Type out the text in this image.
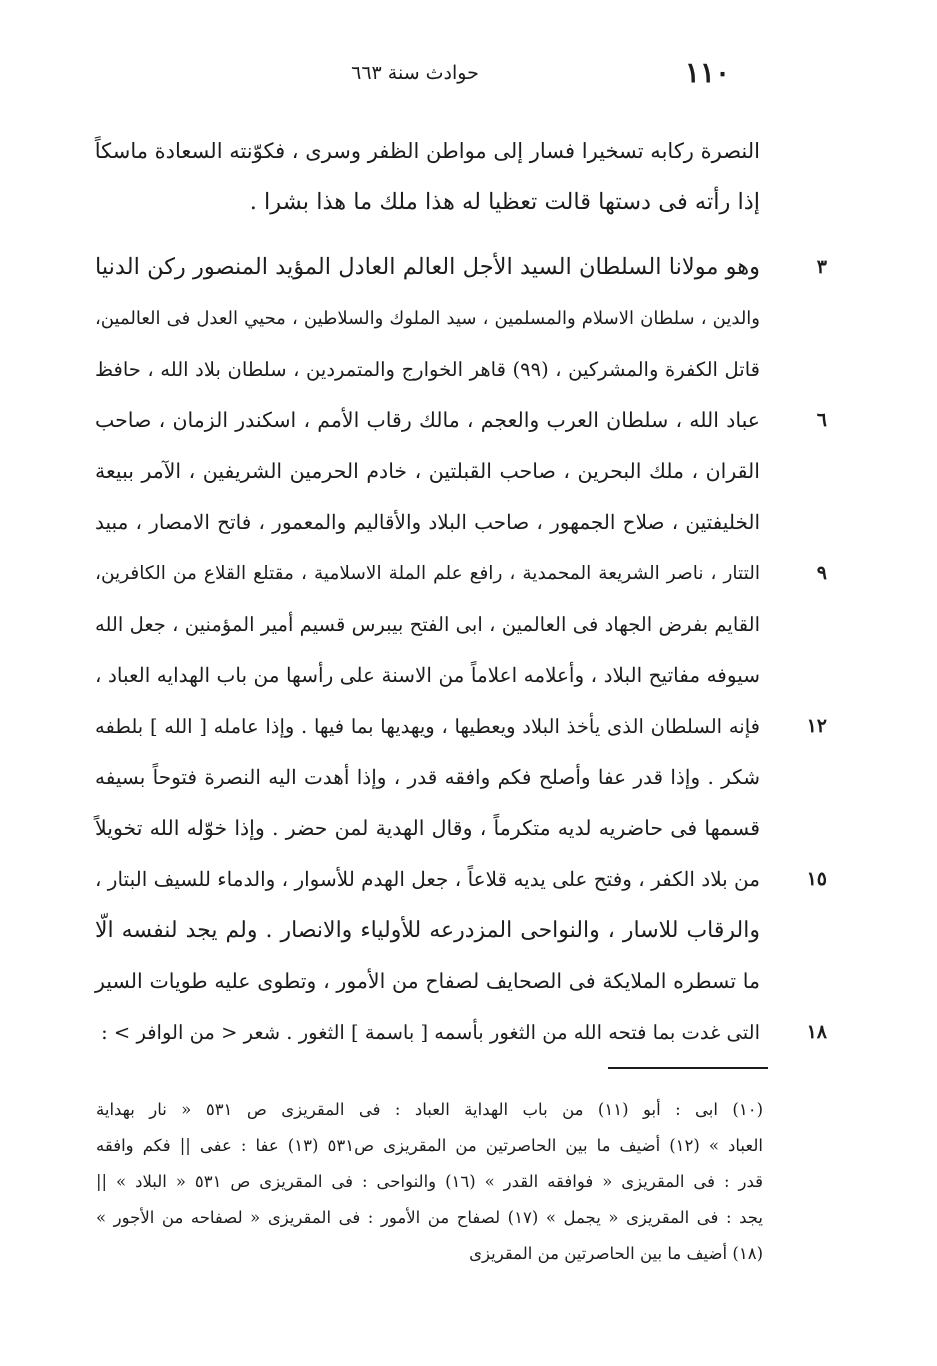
حوادث سنة ٦٦٣	١١٠
النصرة ركابه تسخيرا فسار إلى مواطن الظفر وسرى ، فكوّنته السعادة ماسكاً
إذا رأته فى دستها قالت تعظيا له هذا ملك ما هذا بشرا .
٣
وهو مولانا السلطان السيد الأجل العالم العادل المؤيد المنصور ركن الدنيا
والدين ، سلطان الاسلام والمسلمين ، سيد الملوك والسلاطين ، محيي العدل فى العالمين،
قاتل الكفرة والمشركين ، (٩٩) قاهر الخوارج والمتمردين ، سلطان بلاد الله ، حافظ
٦
عباد الله ، سلطان العرب والعجم ، مالك رقاب الأمم ، اسكندر الزمان ، صاحب
القران ، ملك البحرين ، صاحب القبلتين ، خادم الحرمين الشريفين ، الآمر ببيعة
الخليفتين ، صلاح الجمهور ، صاحب البلاد والأقاليم والمعمور ، فاتح الامصار ، مبيد
٩
التتار ، ناصر الشريعة المحمدية ، رافع علم الملة الاسلامية ، مقتلع القلاع من الكافرين،
القايم بفرض الجهاد فى العالمين ، ابى الفتح بيبرس قسيم أمير المؤمنين ، جعل الله
سيوفه مفاتيح البلاد ، وأعلامه اعلاماً من الاسنة على رأسها من باب الهدايه العباد ،
١٢
فإنه السلطان الذى يأخذ البلاد ويعطيها ، ويهديها بما فيها . وإذا عامله [ الله ] بلطفه
شكر . وإذا قدر عفا وأصلح فكم وافقه قدر ، وإذا أهدت اليه النصرة فتوحاً بسيفه
قسمها فى حاضريه لديه متكرماً ، وقال الهدية لمن حضر . وإذا خوّله الله تخويلاً
١٥
من بلاد الكفر ، وفتح على يديه قلاعاً ، جعل الهدم للأسوار ، والدماء للسيف البتار ،
والرقاب للاسار ، والنواحى المزدرعه للأولياء والانصار . ولم يجد لنفسه الّا
ما تسطره الملايكة فى الصحايف لصفاح من الأمور ، وتطوى عليه طويات السير
١٨
التى غدت بما فتحه الله من الثغور بأسمه [ باسمة ] الثغور . شعر < من الوافر > :
(١٠) ابى : أبو (١١) من باب الهداية العباد : فى المقريزى ص ٥٣١ « نار بهداية
العباد » (١٢) أضيف ما بين الحاصرتين من المقريزى ص٥٣١ (١٣) عفا : عفى || فكم وافقه
قدر : فى المقريزى « فوافقه القدر » (١٦) والنواحى : فى المقريزى ص ٥٣١ « البلاد » ||
يجد : فى المقريزى « يجمل » (١٧) لصفاح من الأمور : فى المقريزى « لصفاحه من الأجور »
(١٨) أضيف ما بين الحاصرتين من المقريزى
